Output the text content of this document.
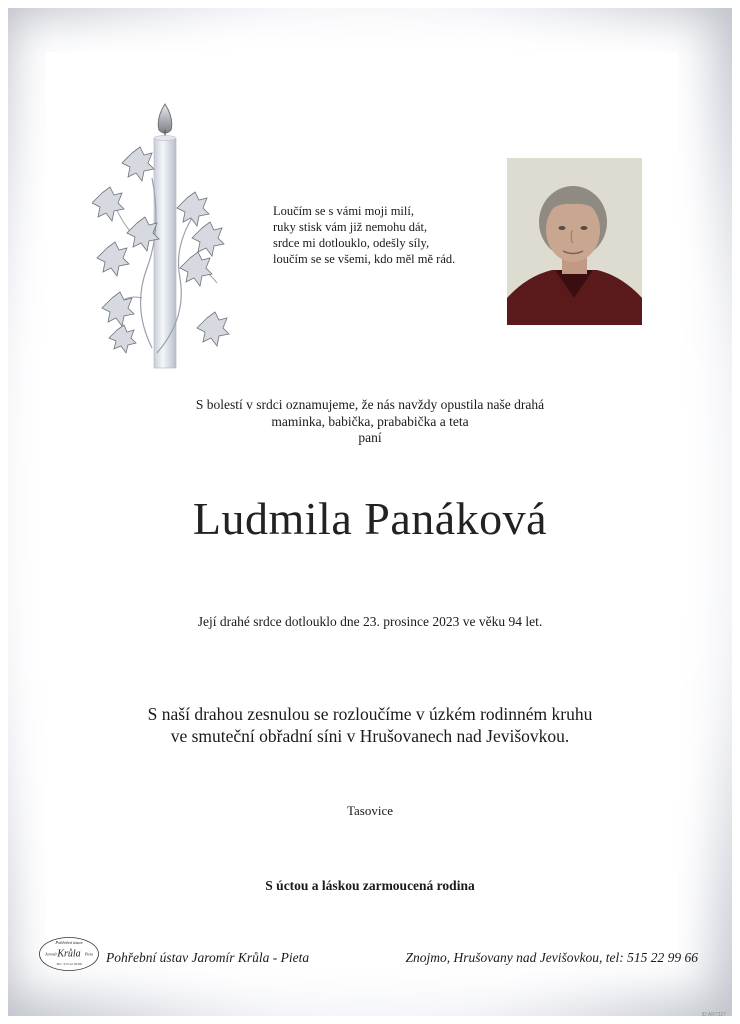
Loučím se s vámi moji milí,
ruky stisk vám již nemohu dát,
srdce mi dotlouklo, odešly síly,
loučím se se všemi, kdo měl mě rád.
S bolestí v srdci oznamujeme, že nás navždy opustila naše drahá
maminka, babička, prababička a teta
paní
Ludmila Panáková
Její drahé srdce dotlouklo dne 23. prosince 2023 ve věku 94 let.
S naší drahou zesnulou se rozloučíme v úzkém rodinném kruhu
ve smuteční obřadní síni v Hrušovanech nad Jevišovkou.
Tasovice
S úctou a láskou zarmoucená rodina
Pohřební ústav
Krůla
Jaromír	Pieta
Tel.: 515 22 99 66 Pohřební ústav Jaromír Krůla - Pieta	Znojmo, Hrušovany nad Jevišovkou, tel: 515 22 99 66
ID:AR7327
